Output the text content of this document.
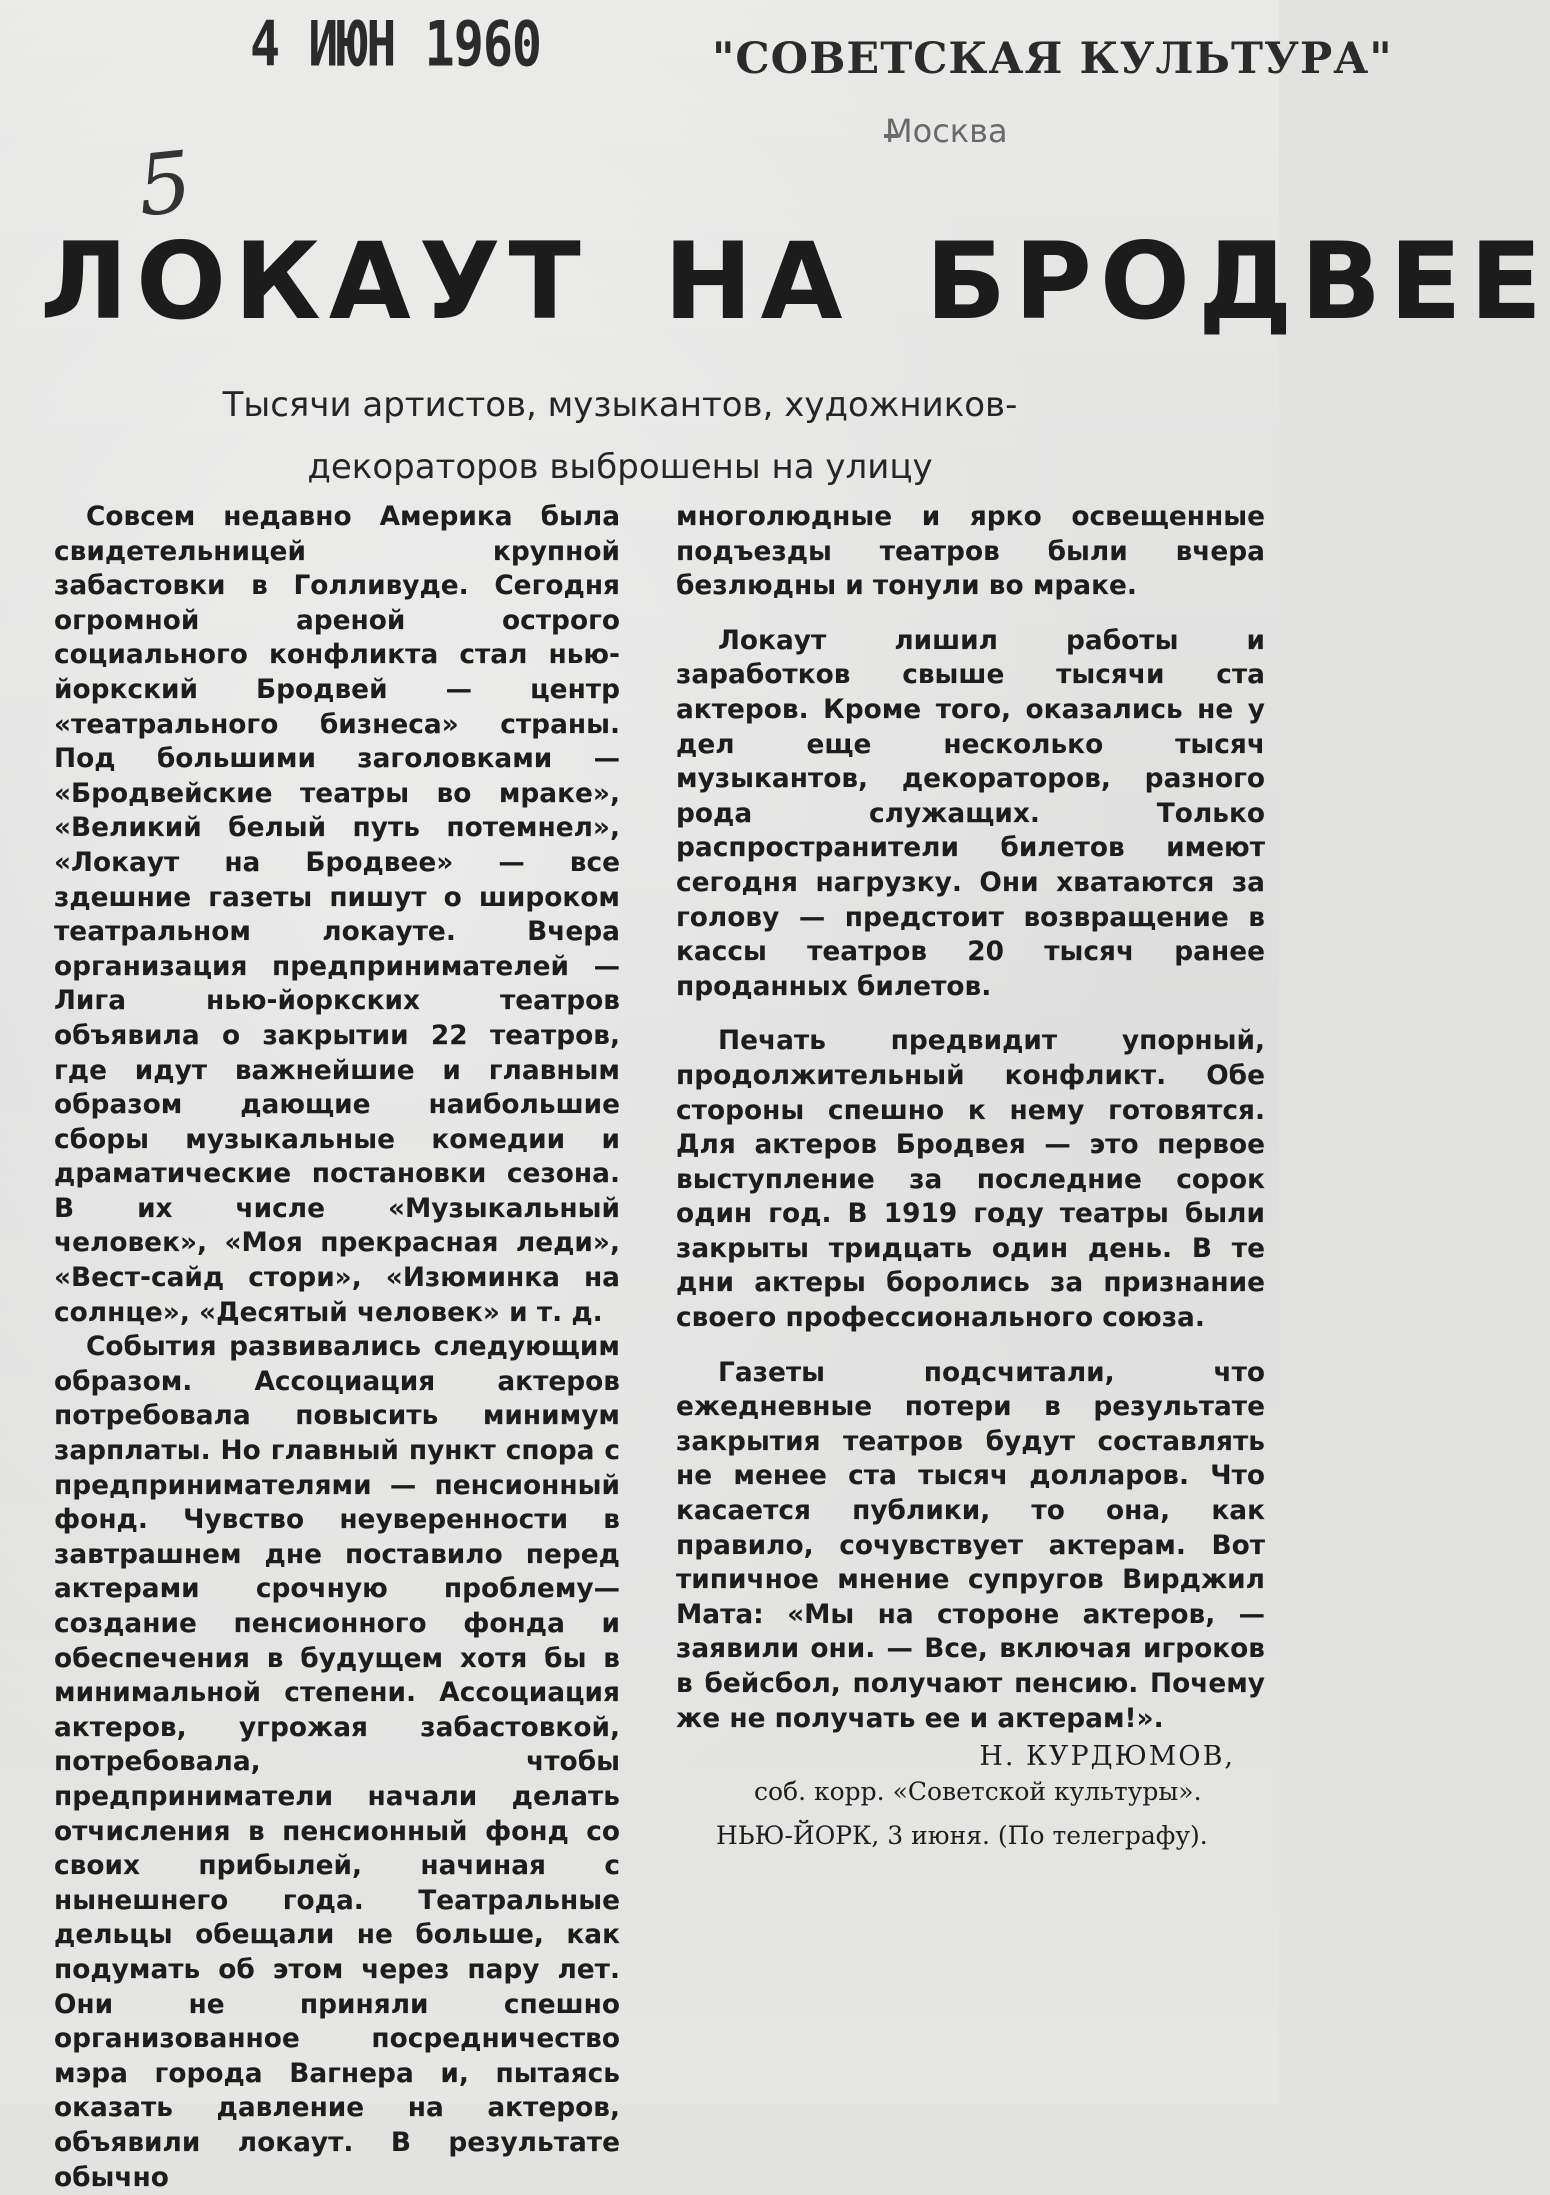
4 ИЮН 1960	"СОВЕТСКАЯ КУЛЬТУРА"
Москва
5
ЛОКАУТ НА БРОДВЕЕ
Тысячи артистов, музыкантов, художников-
декораторов выброшены на улицу

Совсем недавно Америка была свидетельницей крупной забастовки в Голливуде. Сегодня огромной ареной острого социального конфликта стал нью-йоркский Бродвей — центр «театрального бизнеса» страны. Под большими заголовками — «Бродвейские театры во мраке», «Великий белый путь потемнел», «Локаут на Бродвее» — все здешние газеты пишут о широком театральном локауте. Вчера организация предпринимателей — Лига нью-йоркских театров объявила о закрытии 22 театров, где идут важнейшие и главным образом дающие наибольшие сборы музыкальные комедии и драматические постановки сезона. В их числе «Музыкальный человек», «Моя прекрасная леди», «Вест-сайд стори», «Изюминка на солнце», «Десятый человек» и т. д.

События развивались следующим образом. Ассоциация актеров потребовала повысить минимум зарплаты. Но главный пункт спора с предпринимателями — пенсионный фонд. Чувство неуверенности в завтрашнем дне поставило перед актерами срочную проблему—создание пенсионного фонда и обеспечения в будущем хотя бы в минимальной степени. Ассоциация актеров, угрожая забастовкой, потребовала, чтобы предприниматели начали делать отчисления в пенсионный фонд со своих прибылей, начиная с нынешнего года. Театральные дельцы обещали не больше, как подумать об этом через пару лет. Они не приняли спешно организованное посредничество мэра города Вагнера и, пытаясь оказать давление на актеров, объявили локаут. В результате обычно

многолюдные и ярко освещенные подъезды театров были вчера безлюдны и тонули во мраке.

Локаут лишил работы и заработков свыше тысячи ста актеров. Кроме того, оказались не у дел еще несколько тысяч музыкантов, декораторов, разного рода служащих. Только распространители билетов имеют сегодня нагрузку. Они хватаются за голову — предстоит возвращение в кассы театров 20 тысяч ранее проданных билетов.

Печать предвидит упорный, продолжительный конфликт. Обе стороны спешно к нему готовятся. Для актеров Бродвея — это первое выступление за последние сорок один год. В 1919 году театры были закрыты тридцать один день. В те дни актеры боролись за признание своего профессионального союза.

Газеты подсчитали, что ежедневные потери в результате закрытия театров будут составлять не менее ста тысяч долларов. Что касается публики, то она, как правило, сочувствует актерам. Вот типичное мнение супругов Вирджил Мата: «Мы на стороне актеров, — заявили они. — Все, включая игроков в бейсбол, получают пенсию. Почему же не получать ее и актерам!».

Н. КУРДЮМОВ,

соб. корр. «Советской культуры».

НЬЮ-ЙОРК, 3 июня. (По телеграфу).
